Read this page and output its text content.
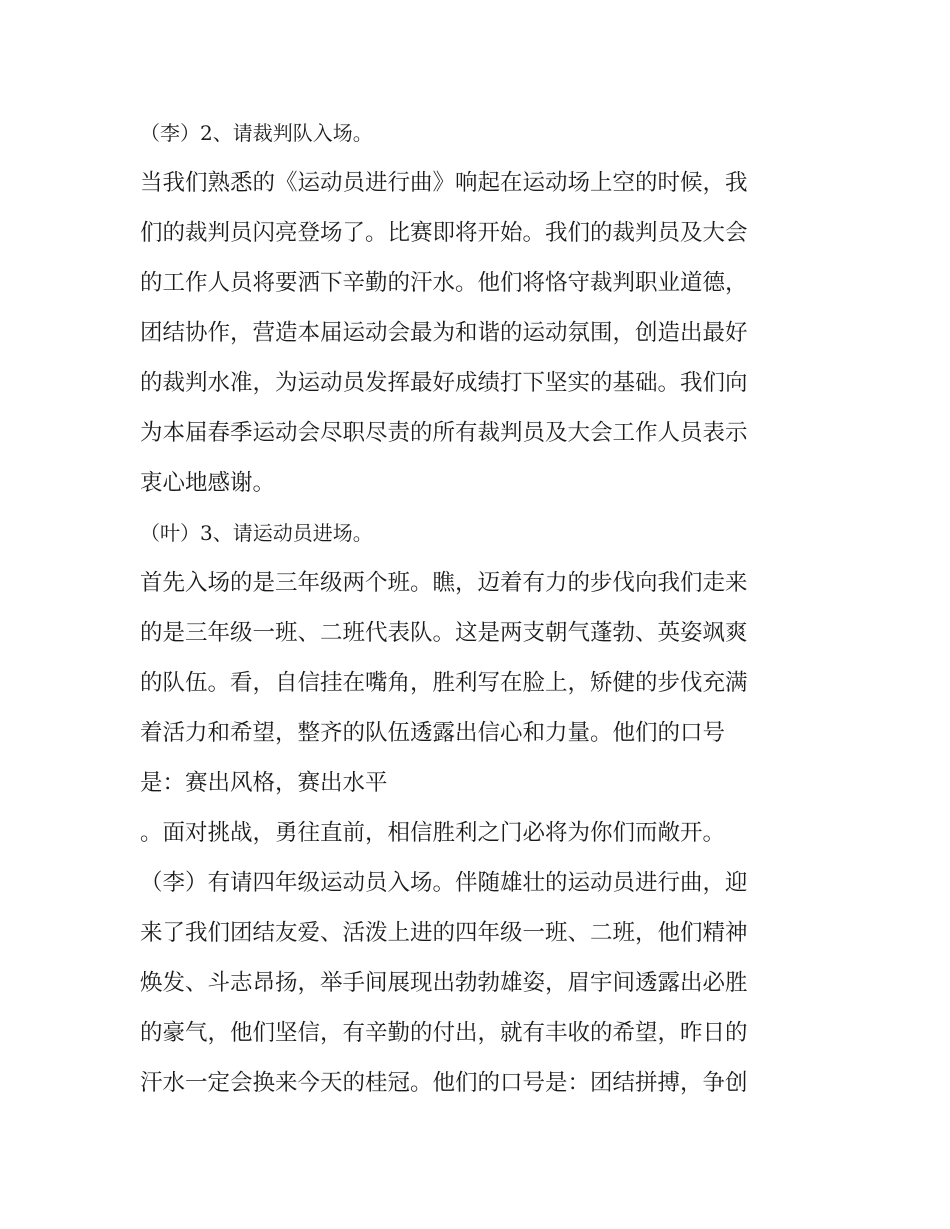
（李）2、请裁判队入场。
当我们熟悉的《运动员进行曲》响起在运动场上空的时候，我
们的裁判员闪亮登场了。比赛即将开始。我们的裁判员及大会
的工作人员将要洒下辛勤的汗水。他们将恪守裁判职业道德，
团结协作，营造本届运动会最为和谐的运动氛围，创造出最好
的裁判水准，为运动员发挥最好成绩打下坚实的基础。我们向
为本届春季运动会尽职尽责的所有裁判员及大会工作人员表示
衷心地感谢。
（叶）3、请运动员进场。
首先入场的是三年级两个班。瞧，迈着有力的步伐向我们走来
的是三年级一班、二班代表队。这是两支朝气蓬勃、英姿飒爽
的队伍。看，自信挂在嘴角，胜利写在脸上，矫健的步伐充满
着活力和希望，整齐的队伍透露出信心和力量。他们的口号
是：赛出风格，赛出水平
。面对挑战，勇往直前，相信胜利之门必将为你们而敞开。
（李）有请四年级运动员入场。伴随雄壮的运动员进行曲，迎
来了我们团结友爱、活泼上进的四年级一班、二班，他们精神
焕发、斗志昂扬，举手间展现出勃勃雄姿，眉宇间透露出必胜
的豪气，他们坚信，有辛勤的付出，就有丰收的希望，昨日的
汗水一定会换来今天的桂冠。他们的口号是：团结拼搏，争创
